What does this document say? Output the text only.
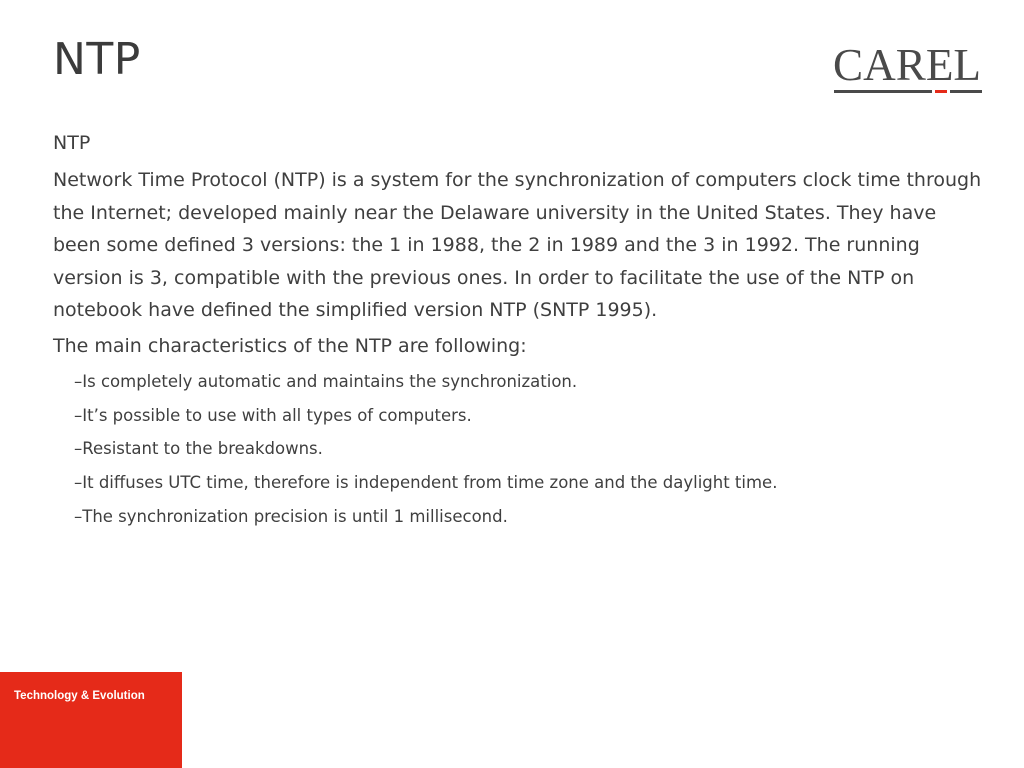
NTP	CAREL

NTP

Network Time Protocol (NTP) is a system for the synchronization of computers clock time through the Internet; developed mainly near the Delaware university in the United States. They have been some defined 3 versions: the 1 in 1988, the 2 in 1989 and the 3 in 1992. The running version is 3, compatible with the previous ones. In order to facilitate the use of the NTP on notebook have defined the simplified version NTP (SNTP 1995).

The main characteristics of the NTP are following:

–Is completely automatic and maintains the synchronization.
–It’s possible to use with all types of computers.
–Resistant to the breakdowns.
–It diffuses UTC time, therefore is independent from time zone and the daylight time.
–The synchronization precision is until 1 millisecond.
Technology & Evolution
